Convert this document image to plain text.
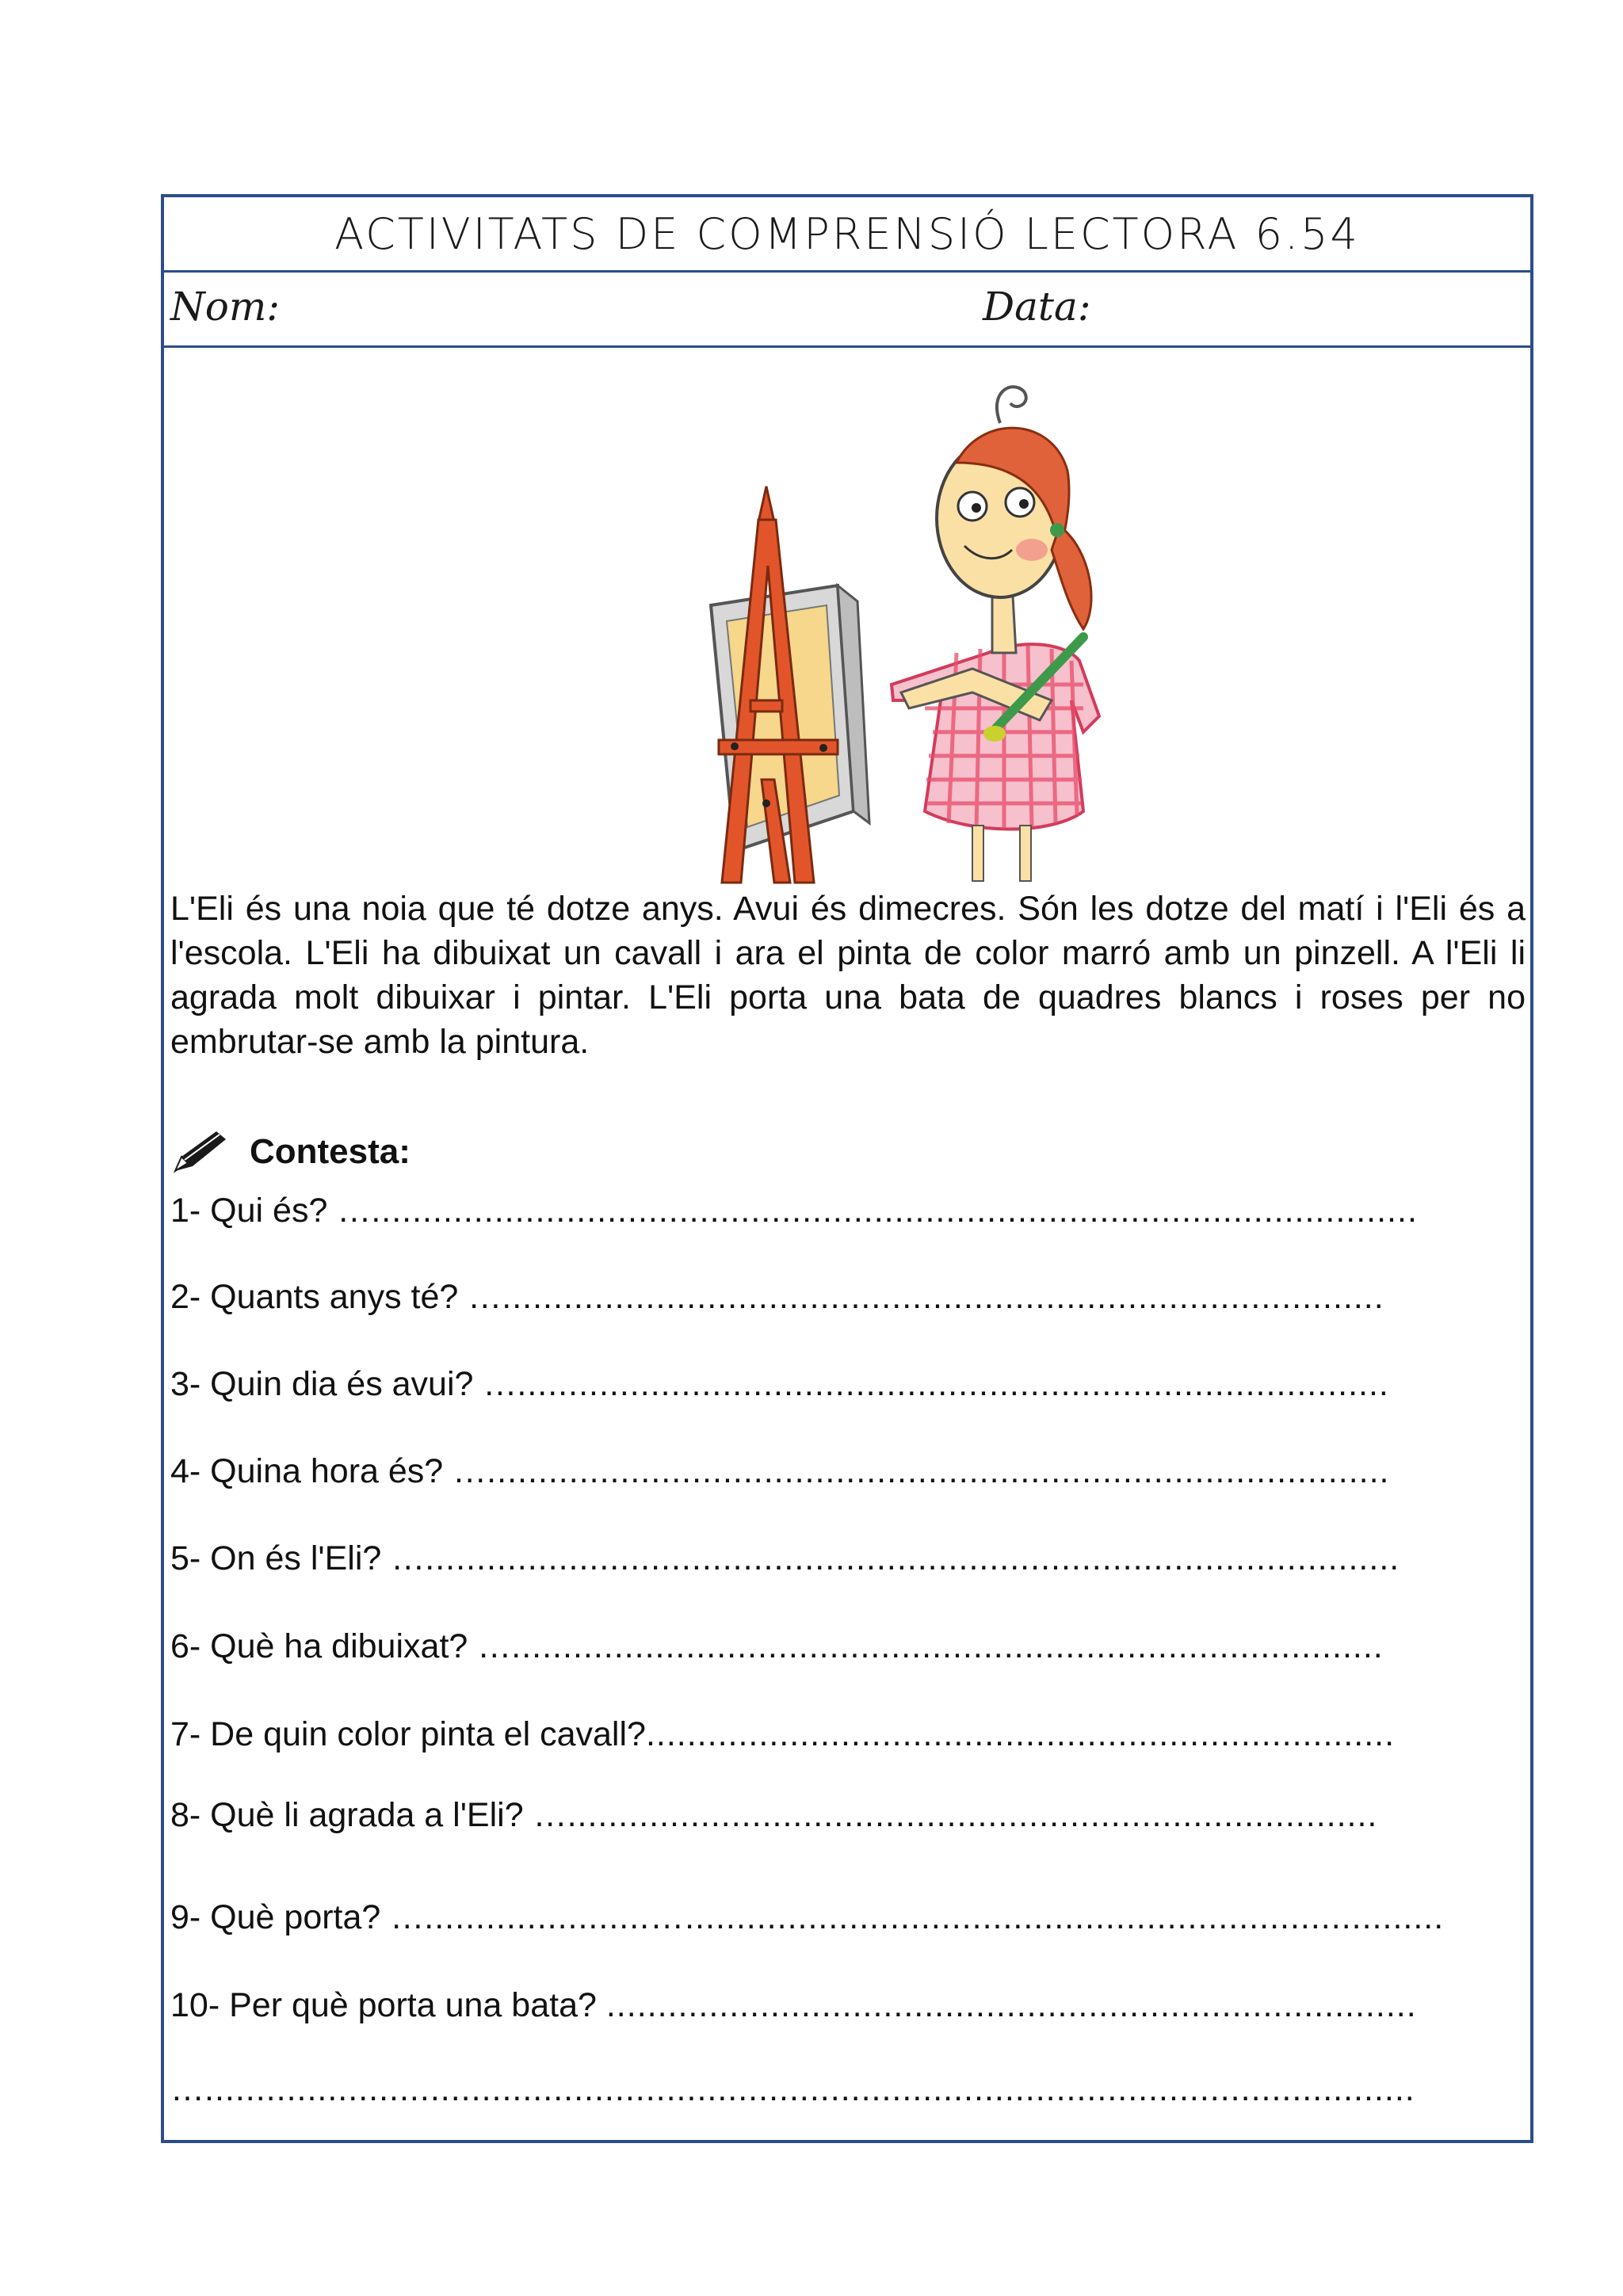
ACTIVITATS DE COMPRENSIÓ LECTORA 6.54
Nom:	Data:
L'Eli és una noia que té dotze anys. Avui és dimecres. Són les dotze del matí i l'Eli és a l'escola. L'Eli ha dibuixat un cavall i ara el pinta de color marró amb un pinzell. A l'Eli li agrada molt dibuixar i pintar. L'Eli porta una bata de quadres blancs i roses per no embrutar-se amb la pintura.
Contesta:
1- Qui és? …......................................................................................................
2- Quants anys té? …......................................................................................
3- Quin dia és avui? ….....................................................................................
4- Quina hora és? …........................................................................................
5- On és l'Eli? …...............................................................................................
6- Què ha dibuixat? ….....................................................................................
7- De quin color pinta el cavall?.........................................................................
8- Què li agrada a l'Eli? …...............................................................................
9- Què porta? …......................…..........................................................................
10- Per què porta una bata? ...............................................................................
…......................................................................................................................
